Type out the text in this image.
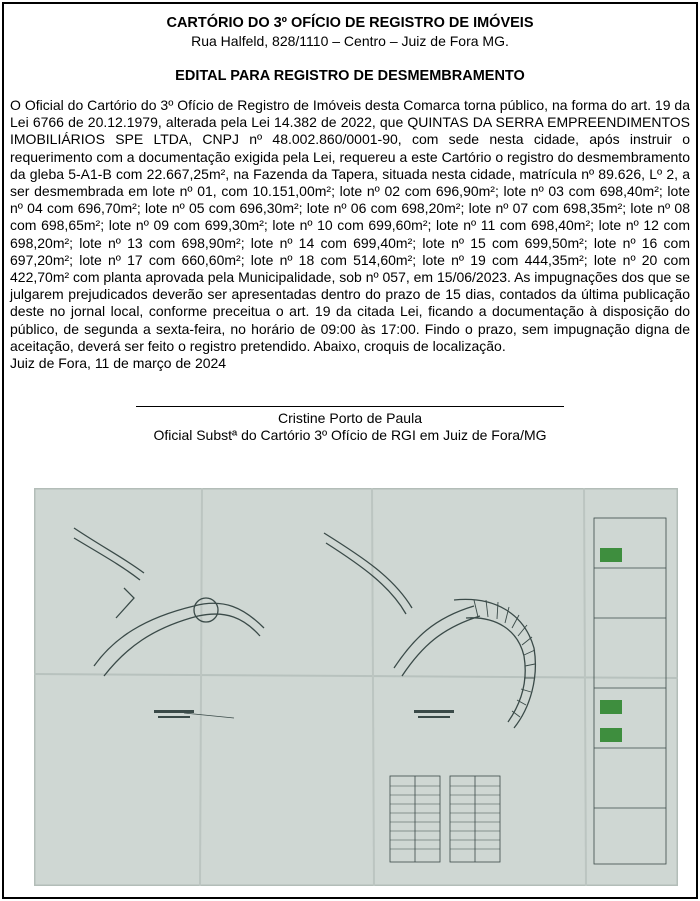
CARTÓRIO DO 3º OFÍCIO DE REGISTRO DE IMÓVEIS
Rua Halfeld, 828/1110 – Centro – Juiz de Fora MG.
EDITAL PARA REGISTRO DE DESMEMBRAMENTO
O Oficial do Cartório do 3º Ofício de Registro de Imóveis desta Comarca torna público, na forma do art. 19 da Lei 6766 de 20.12.1979, alterada pela Lei 14.382 de 2022, que QUINTAS DA SERRA EMPREENDIMENTOS IMOBILIÁRIOS SPE LTDA, CNPJ nº 48.002.860/0001-90, com sede nesta cidade, após instruir o requerimento com a documentação exigida pela Lei, requereu a este Cartório o registro do desmembramento da gleba 5-A1-B com 22.667,25m², na Fazenda da Tapera, situada nesta cidade, matrícula nº 89.626, Lº 2, a ser desmembrada em lote nº 01, com 10.151,00m²; lote nº 02 com 696,90m²; lote nº 03 com 698,40m²; lote nº 04 com 696,70m²; lote nº 05 com 696,30m²; lote nº 06 com 698,20m²; lote nº 07 com 698,35m²; lote nº 08 com 698,65m²; lote nº 09 com 699,30m²; lote nº 10 com 699,60m²; lote nº 11 com 698,40m²; lote nº 12 com 698,20m²; lote nº 13 com 698,90m²; lote nº 14 com 699,40m²; lote nº 15 com 699,50m²; lote nº 16 com 697,20m²; lote nº 17 com 660,60m²; lote nº 18 com 514,60m²; lote nº 19 com 444,35m²; lote nº 20 com 422,70m² com planta aprovada pela Municipalidade, sob nº 057, em 15/06/2023. As impugnações dos que se julgarem prejudicados deverão ser apresentadas dentro do prazo de 15 dias, contados da última publicação deste no jornal local, conforme preceitua o art. 19 da citada Lei, ficando a documentação à disposição do público, de segunda a sexta-feira, no horário de 09:00 às 17:00. Findo o prazo, sem impugnação digna de aceitação, deverá ser feito o registro pretendido. Abaixo, croquis de localização.
Juiz de Fora, 11 de março de 2024
Cristine Porto de Paula
Oficial Substª do Cartório 3º Ofício de RGI em Juiz de Fora/MG
